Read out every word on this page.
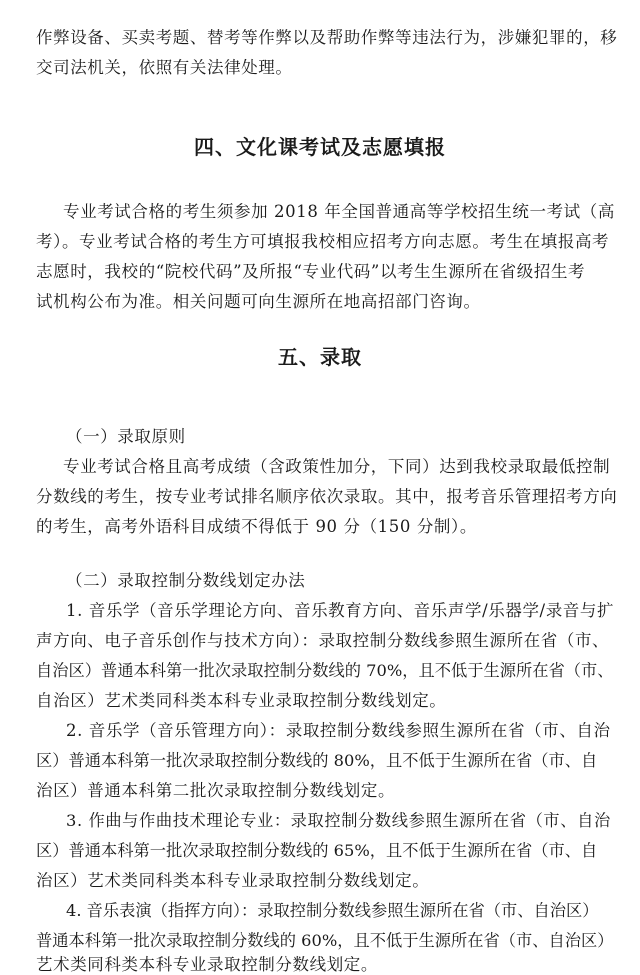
作弊设备、买卖考题、替考等作弊以及帮助作弊等违法行为，涉嫌犯罪的，移
交司法机关，依照有关法律处理。
四、文化课考试及志愿填报
专业考试合格的考生须参加 2018 年全国普通高等学校招生统一考试（高
考）。专业考试合格的考生方可填报我校相应招考方向志愿。考生在填报高考
志愿时，我校的“院校代码”及所报“专业代码”以考生生源所在省级招生考
试机构公布为准。相关问题可向生源所在地高招部门咨询。
五、录取
（一）录取原则
专业考试合格且高考成绩（含政策性加分，下同）达到我校录取最低控制
分数线的考生，按专业考试排名顺序依次录取。其中，报考音乐管理招考方向
的考生，高考外语科目成绩不得低于 90 分（150 分制）。
（二）录取控制分数线划定办法
1. 音乐学（音乐学理论方向、音乐教育方向、音乐声学/乐器学/录音与扩
声方向、电子音乐创作与技术方向）：录取控制分数线参照生源所在省（市、
自治区）普通本科第一批次录取控制分数线的 70%，且不低于生源所在省（市、
自治区）艺术类同科类本科专业录取控制分数线划定。
2. 音乐学（音乐管理方向）：录取控制分数线参照生源所在省（市、自治
区）普通本科第一批次录取控制分数线的 80%，且不低于生源所在省（市、自
治区）普通本科第二批次录取控制分数线划定。
3. 作曲与作曲技术理论专业：录取控制分数线参照生源所在省（市、自治
区）普通本科第一批次录取控制分数线的 65%，且不低于生源所在省（市、自
治区）艺术类同科类本科专业录取控制分数线划定。
4. 音乐表演（指挥方向）：录取控制分数线参照生源所在省（市、自治区）
普通本科第一批次录取控制分数线的 60%，且不低于生源所在省（市、自治区）
艺术类同科类本科专业录取控制分数线划定。
